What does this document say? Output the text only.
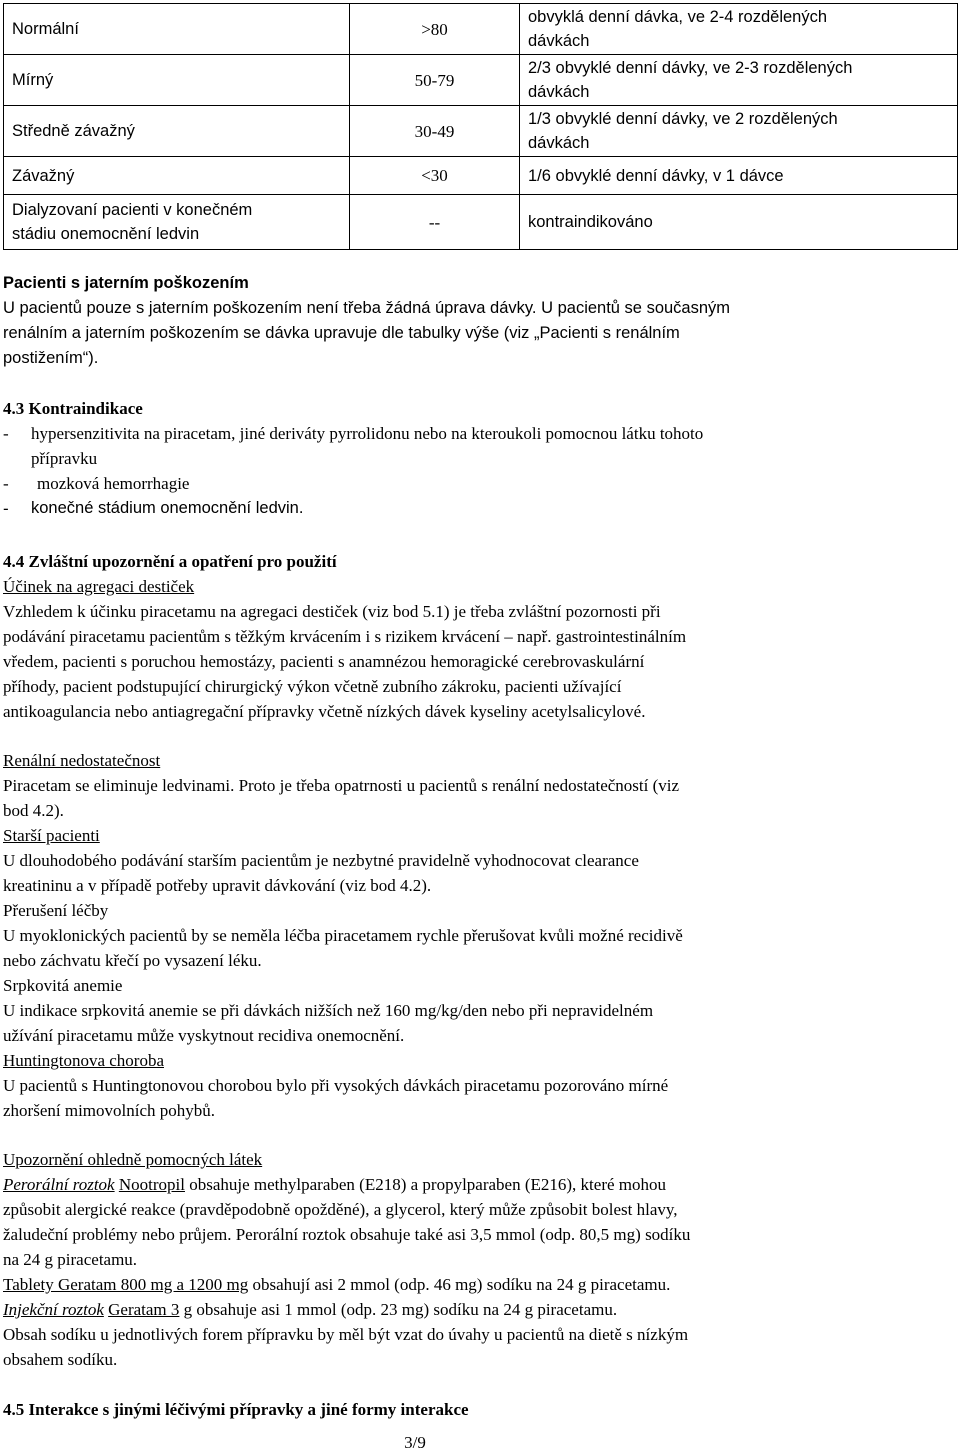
Normální	>80	obvyklá denní dávka, ve 2-4 rozdělených
dávkách

Mírný	50-79	2/3 obvyklé denní dávky, ve 2-3 rozdělených
dávkách

Středně závažný	30-49	1/3 obvyklé denní dávky, ve 2 rozdělených
dávkách

Závažný	<30	1/6 obvyklé denní dávky, v 1 dávce

Dialyzovaní pacienti v konečném
stádiu onemocnění ledvin	--	kontraindikováno
Pacienti s jaterním poškozením
U pacientů pouze s jaterním poškozením není třeba žádná úprava dávky. U pacientů se současným
renálním a jaterním poškozením se dávka upravuje dle tabulky výše (viz „Pacienti s renálním
postižením“).
4.3 Kontraindikace
- hypersenzitivita na piracetam, jiné deriváty pyrrolidonu nebo na kteroukoli pomocnou látku tohoto
přípravku
-	mozková hemorrhagie
- konečné stádium onemocnění ledvin.
4.4 Zvláštní upozornění a opatření pro použití
Účinek na agregaci destiček
Vzhledem k účinku piracetamu na agregaci destiček (viz bod 5.1) je třeba zvláštní pozornosti při
podávání piracetamu pacientům s těžkým krvácením i s rizikem krvácení – např. gastrointestinálním
vředem, pacienti s poruchou hemostázy, pacienti s anamnézou hemoragické cerebrovaskulární
příhody, pacient podstupující chirurgický výkon včetně zubního zákroku, pacienti užívající
antikoagulancia nebo antiagregační přípravky včetně nízkých dávek kyseliny acetylsalicylové.
Renální nedostatečnost
Piracetam se eliminuje ledvinami. Proto je třeba opatrnosti u pacientů s renální nedostatečností (viz
bod 4.2).
Starší pacienti
U dlouhodobého podávání starším pacientům je nezbytné pravidelně vyhodnocovat clearance
kreatininu a v případě potřeby upravit dávkování (viz bod 4.2).
Přerušení léčby
U myoklonických pacientů by se neměla léčba piracetamem rychle přerušovat kvůli možné recidivě
nebo záchvatu křečí po vysazení léku.
Srpkovitá anemie
U indikace srpkovitá anemie se při dávkách nižších než 160 mg/kg/den nebo při nepravidelném
užívání piracetamu může vyskytnout recidiva onemocnění.
Huntingtonova choroba
U pacientů s Huntingtonovou chorobou bylo při vysokých dávkách piracetamu pozorováno mírné
zhoršení mimovolních pohybů.
Upozornění ohledně pomocných látek
Perorální roztok Nootropil obsahuje methylparaben (E218) a propylparaben (E216), které mohou
způsobit alergické reakce (pravděpodobně opožděné), a glycerol, který může způsobit bolest hlavy,
žaludeční problémy nebo průjem. Perorální roztok obsahuje také asi 3,5 mmol (odp. 80,5 mg) sodíku
na 24 g piracetamu.
Tablety Geratam 800 mg a 1200 mg obsahují asi 2 mmol (odp. 46 mg) sodíku na 24 g piracetamu.
Injekční roztok Geratam 3 g obsahuje asi 1 mmol (odp. 23 mg) sodíku na 24 g piracetamu.
Obsah sodíku u jednotlivých forem přípravku by měl být vzat do úvahy u pacientů na dietě s nízkým
obsahem sodíku.
4.5 Interakce s jinými léčivými přípravky a jiné formy interakce
3/9
